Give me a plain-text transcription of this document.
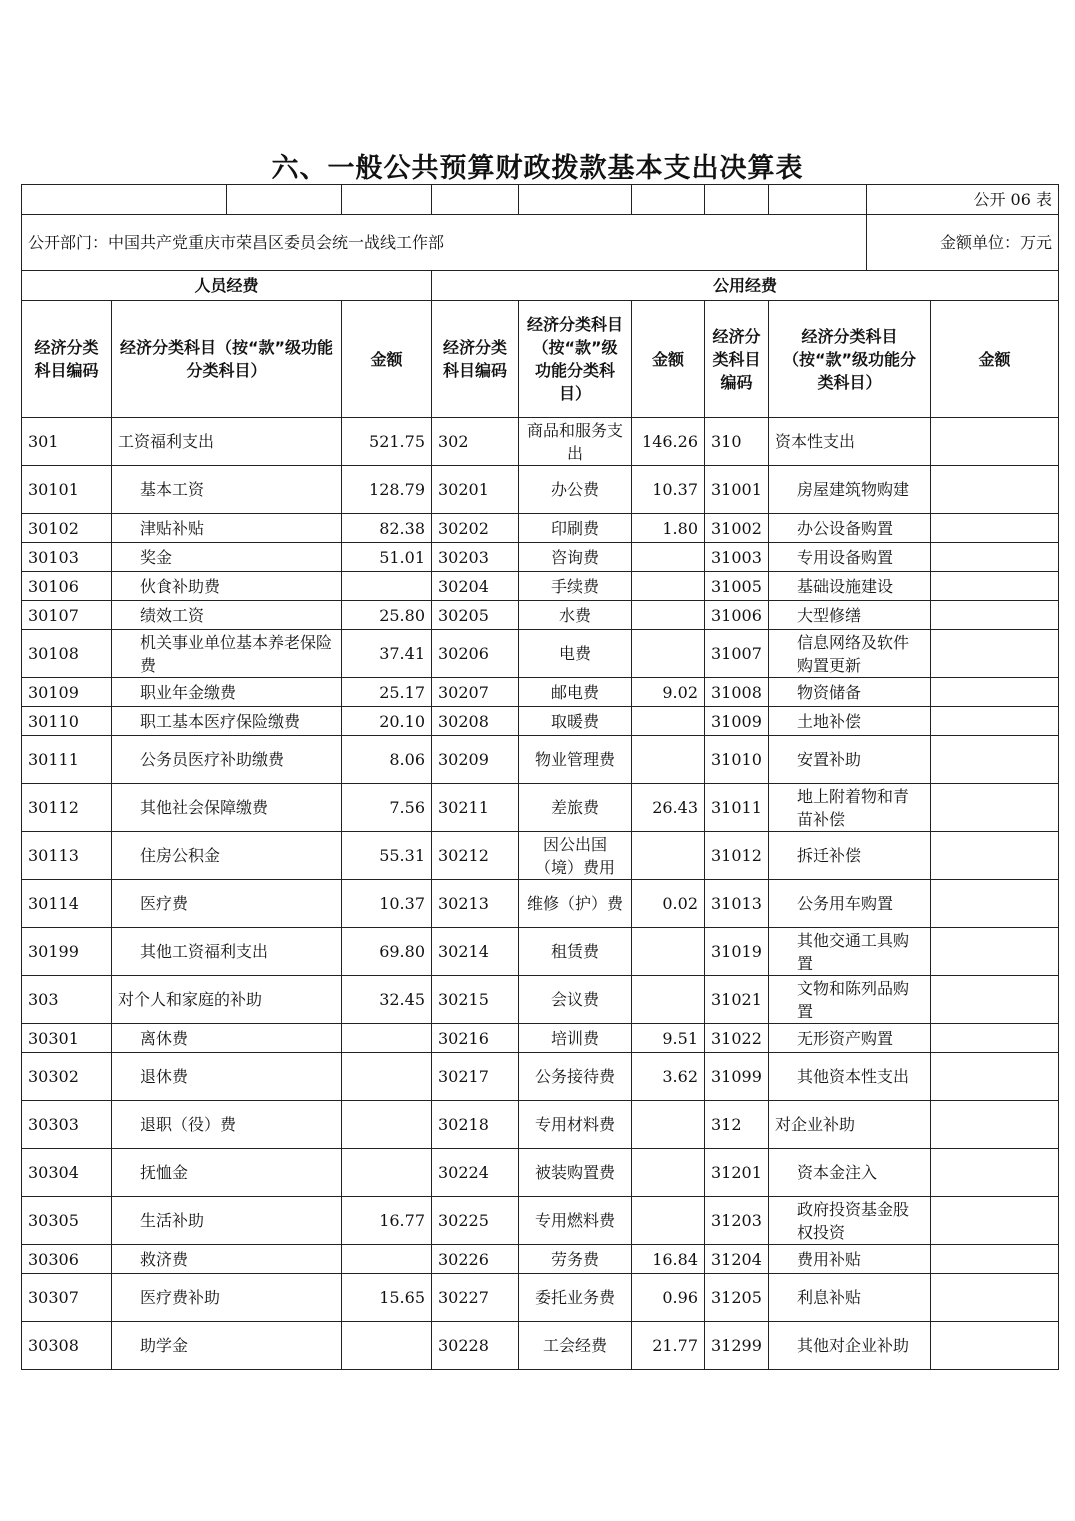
六、一般公共预算财政拨款基本支出决算表
									公开 06 表	
公开部门：中国共产党重庆市荣昌区委员会统一战线工作部									金额单位：万元	
人员经费				公用经费						
经济分类科目编码	经济分类科目（按“款”级功能分类科目）		金额	经济分类科目编码	经济分类科目（按“款”级功能分类科目）	金额	经济分类科目编码	经济分类科目（按“款”级功能分类科目）		金额
301	工资福利支出		521.75	302	商品和服务支出	146.26	310	资本性支出		
30101	基本工资		128.79	30201	办公费	10.37	31001	房屋建筑物购建		
30102	津贴补贴		82.38	30202	印刷费	1.80	31002	办公设备购置		
30103	奖金		51.01	30203	咨询费		31003	专用设备购置		
30106	伙食补助费			30204	手续费		31005	基础设施建设		
30107	绩效工资		25.80	30205	水费		31006	大型修缮		
30108	机关事业单位基本养老保险费		37.41	30206	电费		31007	信息网络及软件购置更新		
30109	职业年金缴费		25.17	30207	邮电费	9.02	31008	物资储备		
30110	职工基本医疗保险缴费		20.10	30208	取暖费		31009	土地补偿		
30111	公务员医疗补助缴费		8.06	30209	物业管理费		31010	安置补助		
30112	其他社会保障缴费		7.56	30211	差旅费	26.43	31011	地上附着物和青苗补偿		
30113	住房公积金		55.31	30212	因公出国（境）费用		31012	拆迁补偿		
30114	医疗费		10.37	30213	维修（护）费	0.02	31013	公务用车购置		
30199	其他工资福利支出		69.80	30214	租赁费		31019	其他交通工具购置		
303	对个人和家庭的补助		32.45	30215	会议费		31021	文物和陈列品购置		
30301	离休费			30216	培训费	9.51	31022	无形资产购置		
30302	退休费			30217	公务接待费	3.62	31099	其他资本性支出		
30303	退职（役）费			30218	专用材料费		312	对企业补助		
30304	抚恤金			30224	被装购置费		31201	资本金注入		
30305	生活补助		16.77	30225	专用燃料费		31203	政府投资基金股权投资		
30306	救济费			30226	劳务费	16.84	31204	费用补贴		
30307	医疗费补助		15.65	30227	委托业务费	0.96	31205	利息补贴		
30308	助学金			30228	工会经费	21.77	31299	其他对企业补助		
